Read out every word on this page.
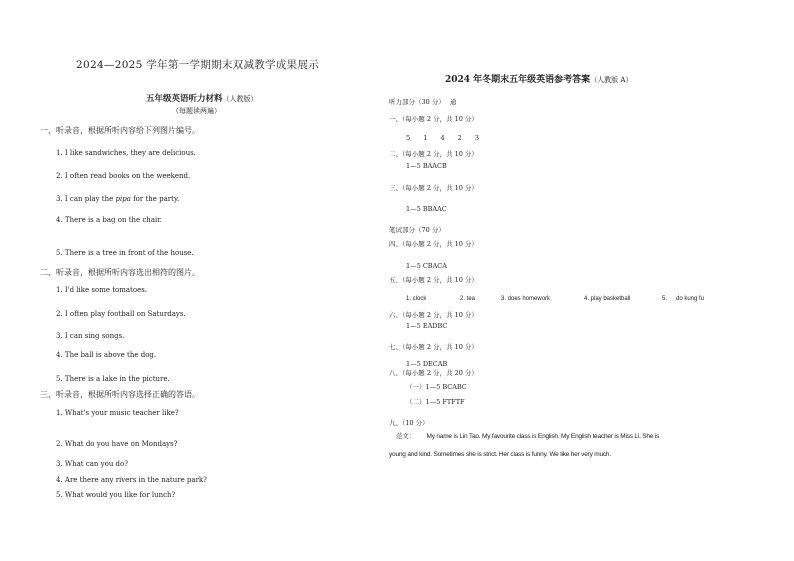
2024—2025 学年第一学期期末双减教学成果展示
五年级英语听力材料（人教版）
（每题读两遍）
一、听录音，根据所听内容给下列图片编号。
1. I like sandwiches, they are delicious.
2. I often read books on the weekend.
3. I can play the pipa for the party.
4. There is a bag on the chair.
5. There is a tree in front of the house.
二、听录音，根据所听内容选出相符的图片。
1. I'd like some tomatoes.
2. I often play football on Saturdays.
3. I can sing songs.
4. The ball is above the dog.
5. There is a lake in the picture.
三、听录音，根据所听内容选择正确的答语。
1. What's your music teacher like?
2. What do you have on Mondays?
3. What can you do?
4. Are there any rivers in the nature park?
5. What would you like for lunch?
2024 年冬期末五年级英语参考答案（人教版 A）
听力部分（30 分） 通
一、（每小题 2 分，共 10 分）
5 1 4 2 3
二、（每小题 2 分，共 10 分）
1—5 BAACB
三、（每小题 2 分，共 10 分）
1—5 BBAAC
笔试部分（70 分）
四、（每小题 2 分，共 10 分）
1—5 CBACA
五、（每小题 2 分，共 10 分）
1. clock	2. tea	3. does homework	4. play basketball	5. do kung fu
六、（每小题 2 分，共 10 分）
1—5 EADBC
七、（每小题 2 分，共 10 分）
1—5 DECAB
八、（每小题 2 分，共 20 分）
（一）1—5 BCABC
（二）1—5 FTFTF
九、（10 分）
范文： My name is Lin Tao. My favourite class is English. My English teacher is Miss Li. She is
young and kind. Sometimes she is strict. Her class is funny. We like her very much.
